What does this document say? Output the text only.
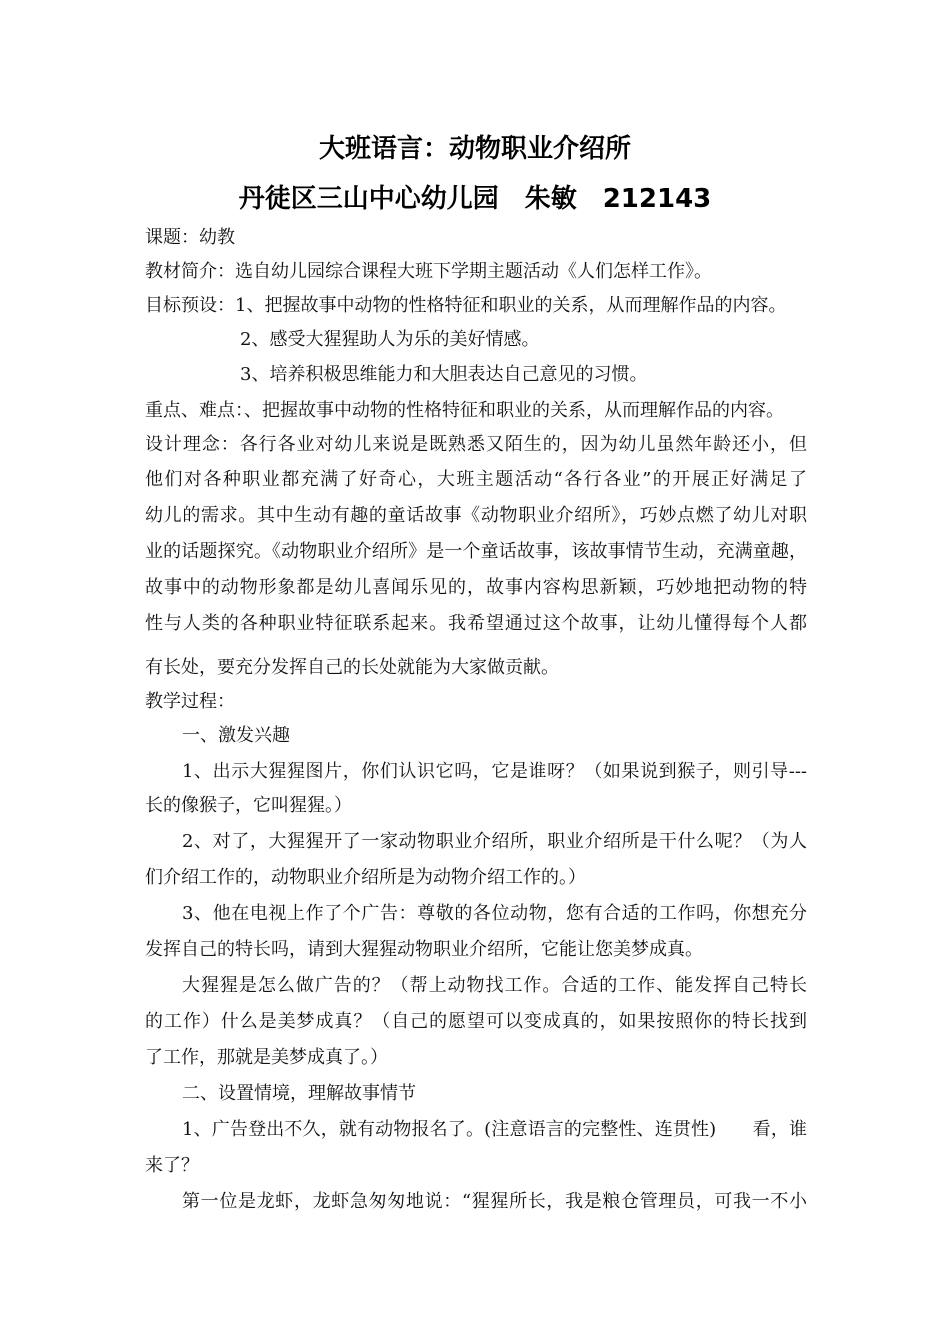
大班语言：动物职业介绍所
丹徒区三山中心幼儿园　朱敏　212143
课题：幼教
教材简介：选自幼儿园综合课程大班下学期主题活动《人们怎样工作》。
目标预设：1、把握故事中动物的性格特征和职业的关系，从而理解作品的内容。
2、感受大猩猩助人为乐的美好情感。
3、培养积极思维能力和大胆表达自己意见的习惯。
重点、难点：、把握故事中动物的性格特征和职业的关系，从而理解作品的内容。
设计理念：各行各业对幼儿来说是既熟悉又陌生的，因为幼儿虽然年龄还小，但
他们对各种职业都充满了好奇心，大班主题活动“各行各业”的开展正好满足了
幼儿的需求。其中生动有趣的童话故事《动物职业介绍所》，巧妙点燃了幼儿对职
业的话题探究。《动物职业介绍所》是一个童话故事，该故事情节生动，充满童趣，
故事中的动物形象都是幼儿喜闻乐见的，故事内容构思新颖，巧妙地把动物的特
性与人类的各种职业特征联系起来。我希望通过这个故事，让幼儿懂得每个人都
有长处，要充分发挥自己的长处就能为大家做贡献。
教学过程：
一、激发兴趣
1、出示大猩猩图片，你们认识它吗，它是谁呀？（如果说到猴子，则引导---
长的像猴子，它叫猩猩。）
2、对了，大猩猩开了一家动物职业介绍所，职业介绍所是干什么呢？（为人
们介绍工作的，动物职业介绍所是为动物介绍工作的。）
3、他在电视上作了个广告：尊敬的各位动物，您有合适的工作吗，你想充分
发挥自己的特长吗，请到大猩猩动物职业介绍所，它能让您美梦成真。
大猩猩是怎么做广告的？（帮上动物找工作。合适的工作、能发挥自己特长
的工作）什么是美梦成真？（自己的愿望可以变成真的，如果按照你的特长找到
了工作，那就是美梦成真了。）
二、设置情境，理解故事情节
1、广告登出不久，就有动物报名了。(注意语言的完整性、连贯性)　　看，谁
来了？
第一位是龙虾，龙虾急匆匆地说：“猩猩所长，我是粮仓管理员，可我一不小
